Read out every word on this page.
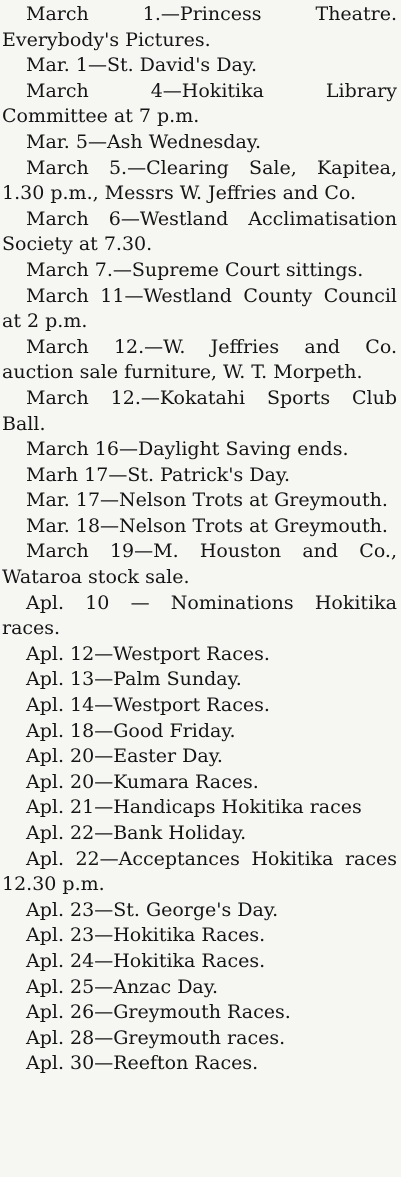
March 1.—Princess Theatre. Everybody's Pictures.

Mar. 1—St. David's Day.

March 4—Hokitika Library Committee at 7 p.m.

Mar. 5—Ash Wednesday.

March 5.—Clearing Sale, Kapitea, 1.30 p.m., Messrs W. Jeffries and Co.

March 6—Westland Acclimatisation Society at 7.30.

March 7.—Supreme Court sittings.

March 11—Westland County Council at 2 p.m.

March 12.—W. Jeffries and Co. auction sale furniture, W. T. Morpeth.

March 12.—Kokatahi Sports Club Ball.

March 16—Daylight Saving ends.

Marh 17—St. Patrick's Day.

Mar. 17—Nelson Trots at Greymouth.

Mar. 18—Nelson Trots at Greymouth.

March 19—M. Houston and Co., Wataroa stock sale.

Apl. 10 — Nominations Hokitika races.

Apl. 12—Westport Races.

Apl. 13—Palm Sunday.

Apl. 14—Westport Races.

Apl. 18—Good Friday.

Apl. 20—Easter Day.

Apl. 20—Kumara Races.

Apl. 21—Handicaps Hokitika races

Apl. 22—Bank Holiday.

Apl. 22—Acceptances Hokitika races 12.30 p.m.

Apl. 23—St. George's Day.

Apl. 23—Hokitika Races.

Apl. 24—Hokitika Races.

Apl. 25—Anzac Day.

Apl. 26—Greymouth Races.

Apl. 28—Greymouth races.

Apl. 30—Reefton Races.
